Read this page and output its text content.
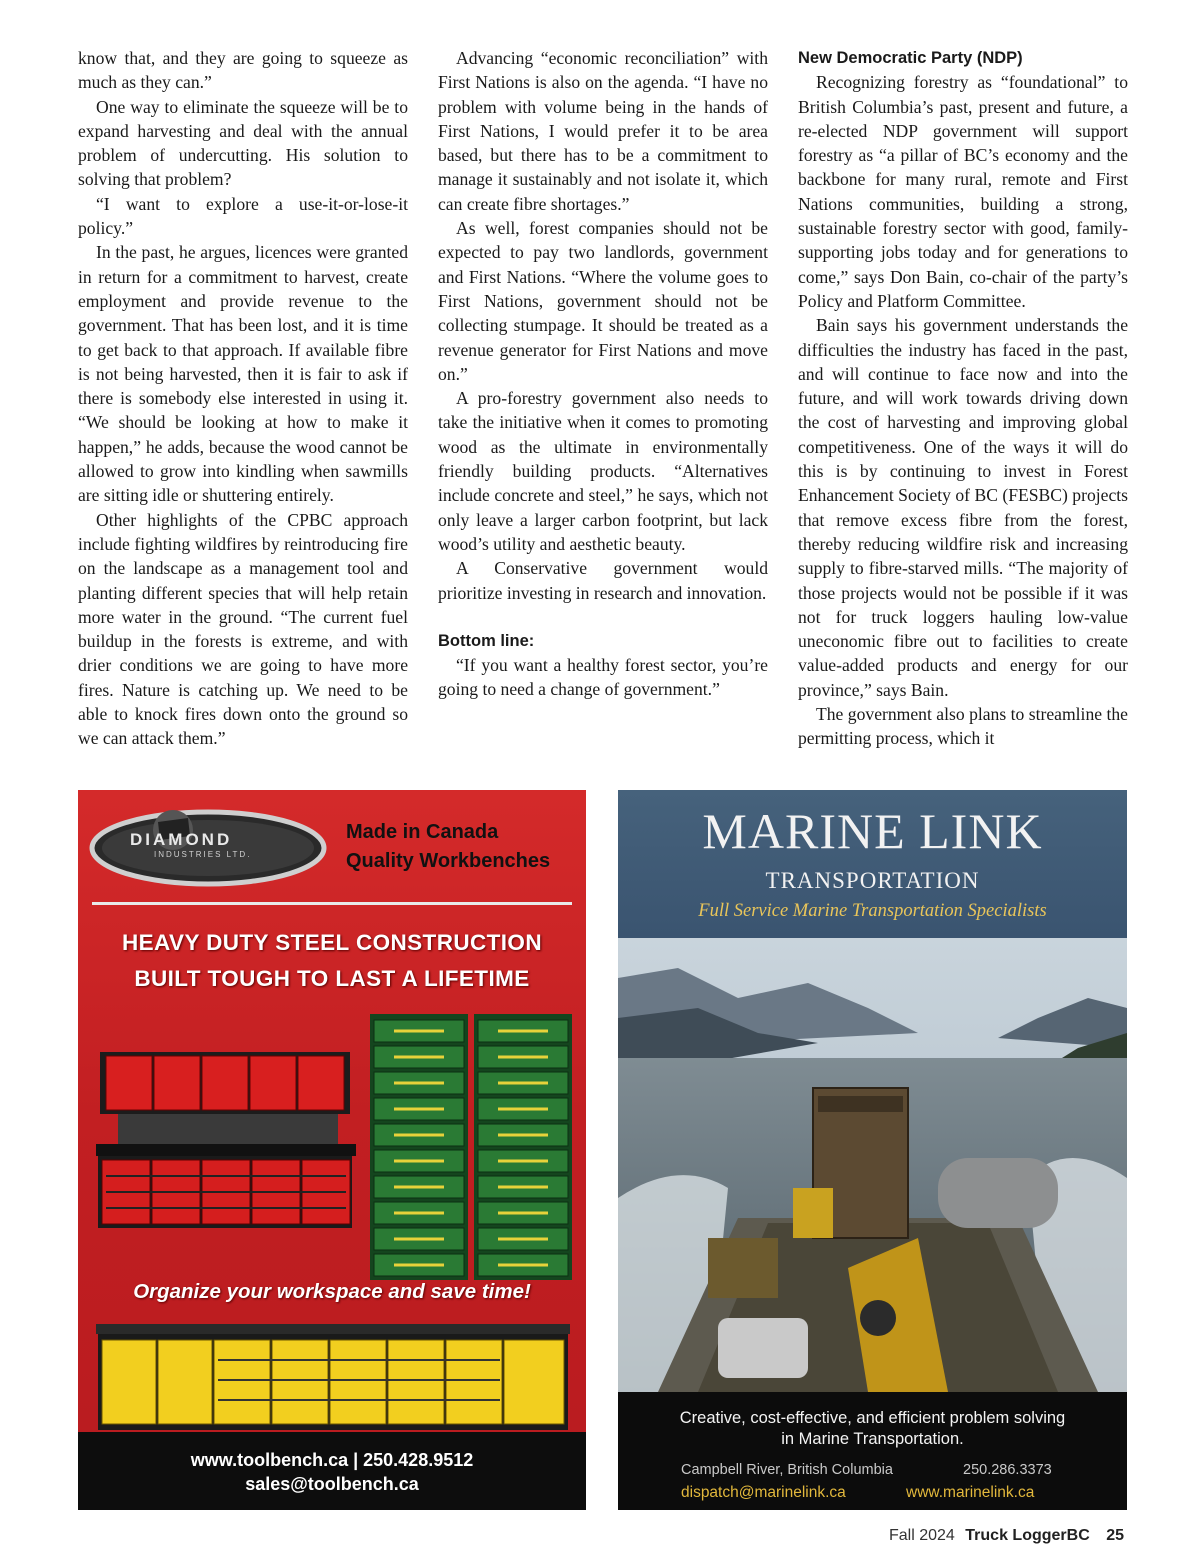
know that, and they are going to squeeze as much as they can.”

One way to eliminate the squeeze will be to expand harvesting and deal with the annual problem of undercutting. His solution to solving that problem?

“I want to explore a use-it-or-lose-it policy.”

In the past, he argues, licences were granted in return for a commitment to harvest, create employment and provide revenue to the government. That has been lost, and it is time to get back to that approach. If available fibre is not being harvested, then it is fair to ask if there is somebody else interested in using it. “We should be looking at how to make it happen,” he adds, because the wood cannot be allowed to grow into kindling when sawmills are sitting idle or shuttering entirely.

Other highlights of the CPBC approach include fighting wildfires by reintroducing fire on the landscape as a management tool and planting different species that will help retain more water in the ground. “The current fuel buildup in the forests is extreme, and with drier conditions we are going to have more fires. Nature is catching up. We need to be able to knock fires down onto the ground so we can attack them.”

Advancing “economic reconciliation” with First Nations is also on the agenda. “I have no problem with volume being in the hands of First Nations, I would prefer it to be area based, but there has to be a commitment to manage it sustainably and not isolate it, which can create fibre shortages.”

As well, forest companies should not be expected to pay two landlords, government and First Nations. “Where the volume goes to First Nations, government should not be collecting stumpage. It should be treated as a revenue generator for First Nations and move on.”

A pro-forestry government also needs to take the initiative when it comes to promoting wood as the ultimate in environmentally friendly building products. “Alternatives include concrete and steel,” he says, which not only leave a larger carbon footprint, but lack wood’s utility and aesthetic beauty.

A Conservative government would prioritize investing in research and innovation.

Bottom line:

“If you want a healthy forest sector, you’re going to need a change of government.”

New Democratic Party (NDP)

Recognizing forestry as “foundational” to British Columbia’s past, present and future, a re-elected NDP government will support forestry as “a pillar of BC’s economy and the backbone for many rural, remote and First Nations communities, building a strong, sustainable forestry sector with good, family-supporting jobs today and for generations to come,” says Don Bain, co-chair of the party’s Policy and Platform Committee.

Bain says his government understands the difficulties the industry has faced in the past, and will continue to face now and into the future, and will work towards driving down the cost of harvesting and improving global competitiveness. One of the ways it will do this is by continuing to invest in Forest Enhancement Society of BC (FESBC) projects that remove excess fibre from the forest, thereby reducing wildfire risk and increasing supply to fibre-starved mills. “The majority of those projects would not be possible if it was not for truck loggers hauling low-value uneconomic fibre out to facilities to create value-added products and energy for our province,” says Bain.

The government also plans to streamline the permitting process, which it

DIAMOND
INDUSTRIES LTD.
Made in Canada
Quality Workbenches
HEAVY DUTY STEEL CONSTRUCTION
BUILT TOUGH TO LAST A LIFETIME
Organize your workspace and save time!
www.toolbench.ca | 250.428.9512
sales@toolbench.ca
MARINE LINK
TRANSPORTATION
Full Service Marine Transportation Specialists
Creative, cost-effective, and efficient problem solving
in Marine Transportation.
Campbell River, British Columbia	250.286.3373
dispatch@marinelink.ca	www.marinelink.ca
Fall 2024 Truck LoggerBC 25
